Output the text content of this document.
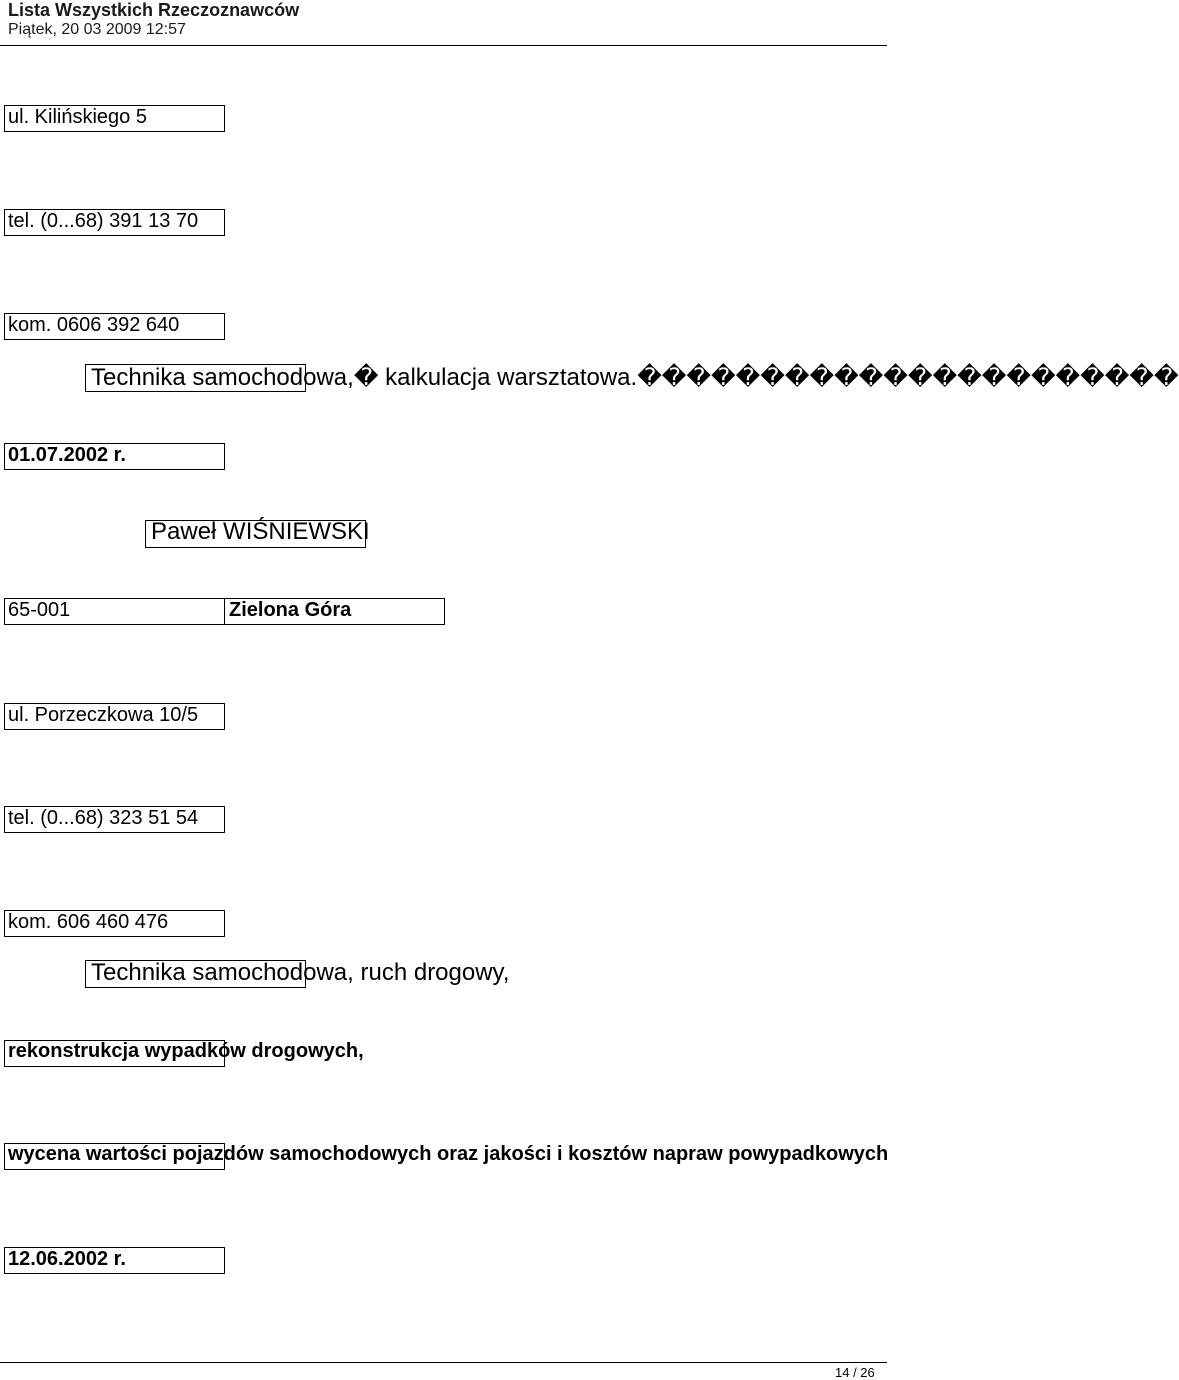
Lista Wszystkich Rzeczoznawców
Piątek, 20 03 2009 12:57
ul. Kilińskiego 5
tel. (0...68) 391 13 70
kom. 0606 392 640
Technika samochodowa,� kalkulacja warsztatowa.����������������������
01.07.2002 r.
Paweł WIŚNIEWSKI
65-001	Zielona Góra
ul. Porzeczkowa 10/5
tel. (0...68) 323 51 54
kom. 606 460 476
Technika samochodowa, ruch drogowy,
rekonstrukcja wypadków drogowych,
wycena wartości pojazdów samochodowych oraz jakości i kosztów napraw powypadkowych
12.06.2002 r.
14 / 26
